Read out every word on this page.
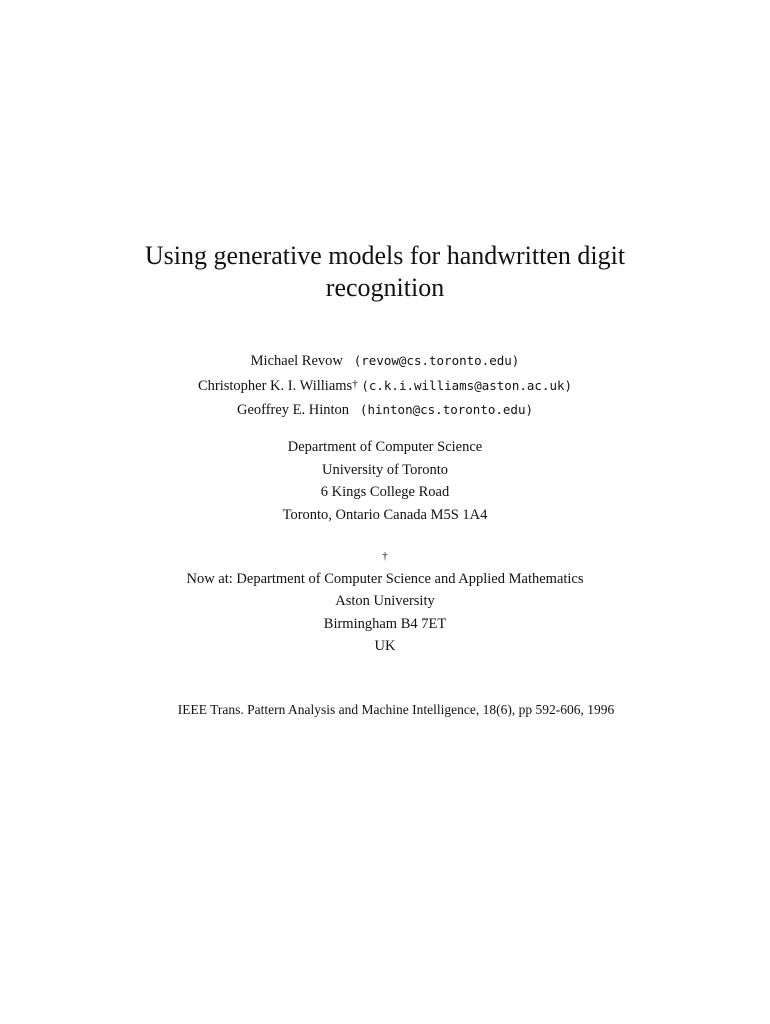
Using generative models for handwritten digit
recognition
Michael Revow (revow@cs.toronto.edu)
Christopher K. I. Williams† (c.k.i.williams@aston.ac.uk)
Geoffrey E. Hinton (hinton@cs.toronto.edu)
Department of Computer Science
University of Toronto
6 Kings College Road
Toronto, Ontario Canada M5S 1A4
†
Now at: Department of Computer Science and Applied Mathematics
Aston University
Birmingham B4 7ET
UK
IEEE Trans. Pattern Analysis and Machine Intelligence, 18(6), pp 592-606, 1996
